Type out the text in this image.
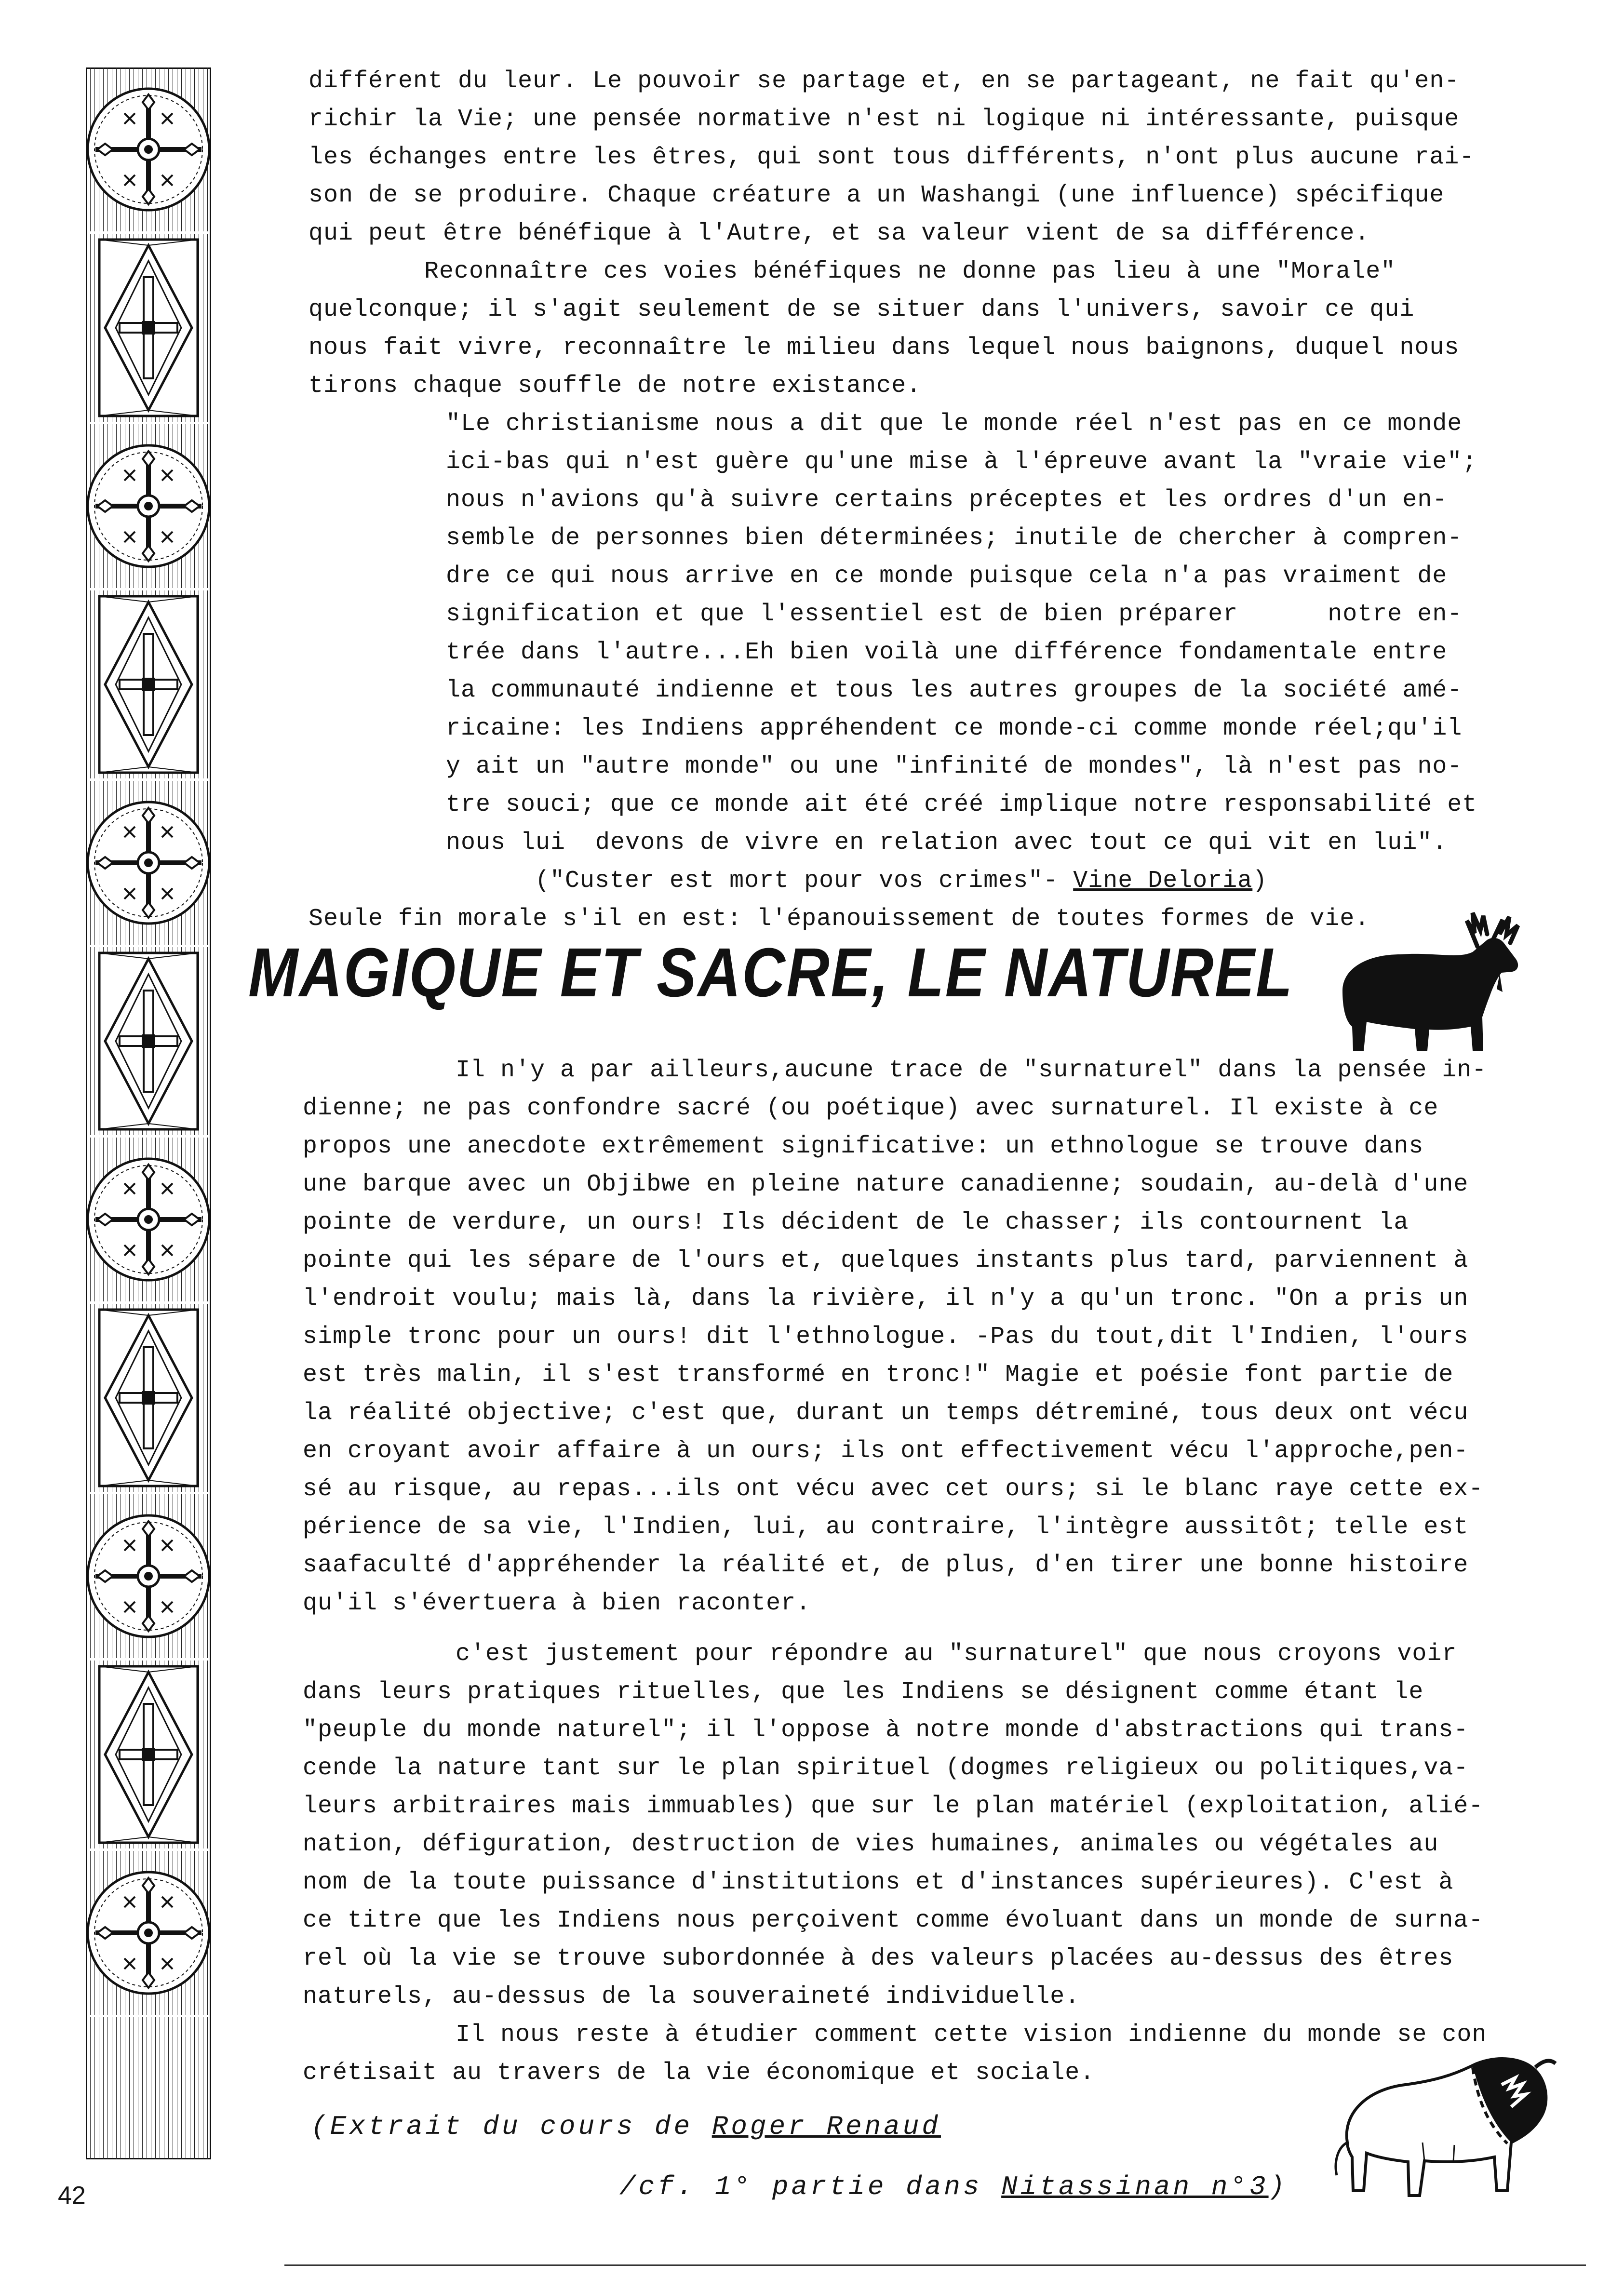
différent du leur. Le pouvoir se partage et, en se partageant, ne fait qu'en-

richir la Vie; une pensée normative n'est ni logique ni intéressante, puisque

les échanges entre les êtres, qui sont tous différents, n'ont plus aucune rai-

son de se produire. Chaque créature a un Washangi (une influence) spécifique

qui peut être bénéfique à l'Autre, et sa valeur vient de sa différence.

Reconnaître ces voies bénéfiques ne donne pas lieu à une "Morale"

quelconque; il s'agit seulement de se situer dans l'univers, savoir ce qui

nous fait vivre, reconnaître le milieu dans lequel nous baignons, duquel nous

tirons chaque souffle de notre existance.

"Le christianisme nous a dit que le monde réel n'est pas en ce monde

ici-bas qui n'est guère qu'une mise à l'épreuve avant la "vraie vie";

nous n'avions qu'à suivre certains préceptes et les ordres d'un en-

semble de personnes bien déterminées; inutile de chercher à compren-

dre ce qui nous arrive en ce monde puisque cela n'a pas vraiment de

signification et que l'essentiel est de bien préparer      notre en-

trée dans l'autre...Eh bien voilà une différence fondamentale entre

la communauté indienne et tous les autres groupes de la société amé-

ricaine: les Indiens appréhendent ce monde-ci comme monde réel;qu'il

y ait un "autre monde" ou une "infinité de mondes", là n'est pas no-

tre souci; que ce monde ait été créé implique notre responsabilité et

nous lui  devons de vivre en relation avec tout ce qui vit en lui".

("Custer est mort pour vos crimes"- Vine Deloria)

Seule fin morale s'il en est: l'épanouissement de toutes formes de vie.

MAGIQUE ET SACRE, LE NATUREL

Il n'y a par ailleurs,aucune trace de "surnaturel" dans la pensée in-

dienne; ne pas confondre sacré (ou poétique) avec surnaturel. Il existe à ce

propos une anecdote extrêmement significative: un ethnologue se trouve dans

une barque avec un Objibwe en pleine nature canadienne; soudain, au-delà d'une

pointe de verdure, un ours! Ils décident de le chasser; ils contournent la

pointe qui les sépare de l'ours et, quelques instants plus tard, parviennent à

l'endroit voulu; mais là, dans la rivière, il n'y a qu'un tronc. "On a pris un

simple tronc pour un ours! dit l'ethnologue. -Pas du tout,dit l'Indien, l'ours

est très malin, il s'est transformé en tronc!" Magie et poésie font partie de

la réalité objective; c'est que, durant un temps détreminé, tous deux ont vécu

en croyant avoir affaire à un ours; ils ont effectivement vécu l'approche,pen-

sé au risque, au repas...ils ont vécu avec cet ours; si le blanc raye cette ex-

périence de sa vie, l'Indien, lui, au contraire, l'intègre aussitôt; telle est

saafaculté d'appréhender la réalité et, de plus, d'en tirer une bonne histoire

qu'il s'évertuera à bien raconter.

c'est justement pour répondre au "surnaturel" que nous croyons voir

dans leurs pratiques rituelles, que les Indiens se désignent comme étant le

"peuple du monde naturel"; il l'oppose à notre monde d'abstractions qui trans-

cende la nature tant sur le plan spirituel (dogmes religieux ou politiques,va-

leurs arbitraires mais immuables) que sur le plan matériel (exploitation, alié-

nation, défiguration, destruction de vies humaines, animales ou végétales au

nom de la toute puissance d'institutions et d'instances supérieures). C'est à

ce titre que les Indiens nous perçoivent comme évoluant dans un monde de surna-

rel où la vie se trouve subordonnée à des valeurs placées au-dessus des êtres

naturels, au-dessus de la souveraineté individuelle.

Il nous reste à étudier comment cette vision indienne du monde se con

crétisait au travers de la vie économique et sociale.

(Extrait du cours de Roger Renaud
/cf. 1° partie dans Nitassinan n°3)
42
